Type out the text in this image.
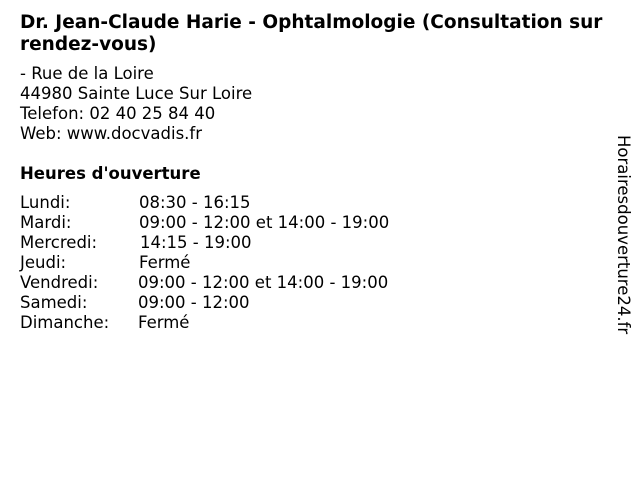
Dr. Jean-Claude Harie - Ophtalmologie (Consultation sur rendez-vous)
- Rue de la Loire
44980 Sainte Luce Sur Loire
Telefon: 02 40 25 84 40
Web: www.docvadis.fr
Heures d'ouverture
Lundi:	08:30 - 16:15
Mardi:	09:00 - 12:00 et 14:00 - 19:00
Mercredi:	14:15 - 19:00
Jeudi:	Fermé
Vendredi: 09:00 - 12:00 et 14:00 - 19:00
Samedi:	09:00 - 12:00
Dimanche: Fermé	Horairesdouverture24.fr
